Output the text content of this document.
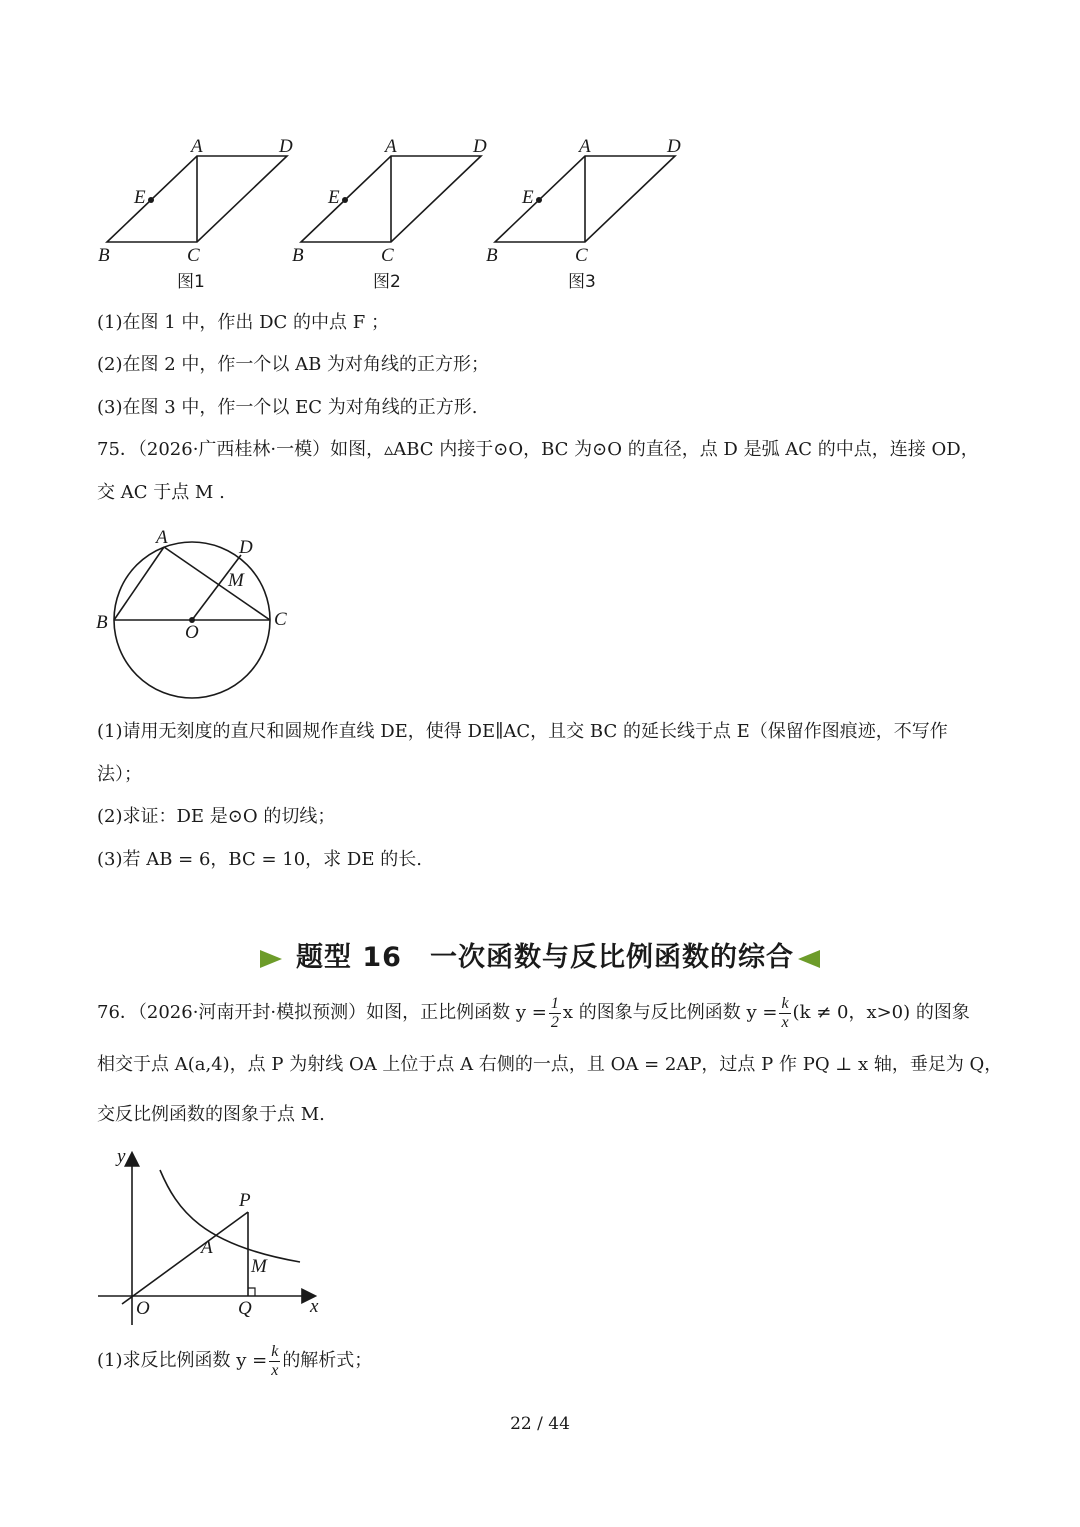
A	D
E
B	C
图1
A	D
E
B	C
图2
A	D
E
B	C
图3
(1)在图 1 中，作出 DC 的中点 F ；
(2)在图 2 中，作一个以 AB 为对角线的正方形；
(3)在图 3 中，作一个以 EC 为对角线的正方形.
75．（2026·广西桂林·一模）如图，▵ABC 内接于⊙O，BC 为⊙O 的直径，点 D 是弧 AC 的中点，连接 OD，
交 AC 于点 M .
A	D
M
B	O
C
(1)请用无刻度的直尺和圆规作直线 DE，使得 DE∥AC，且交 BC 的延长线于点 E（保留作图痕迹，不写作
法）；
(2)求证：DE 是⊙O 的切线；
(3)若 AB = 6，BC = 10，求 DE 的长.
题型 16　一次函数与反比例函数的综合
76．（2026·河南开封·模拟预测）如图，正比例函数 $y = \frac{1}{2}$ x 的图象与反比例函数 $y = \frac{k}{x} (k \ne 0$，x>0) 的图象
相交于点 A(a,4)，点 P 为射线 OA 上位于点 A 右侧的一点，且 OA = 2AP，过点 P 作 PQ ⊥ x 轴，垂足为 Q，
交反比例函数的图象于点 M.
y
P
A
M
O	Q	x
(1)求反比例函数 $y = \frac{k}{x}$ 的解析式；
22 / 44
